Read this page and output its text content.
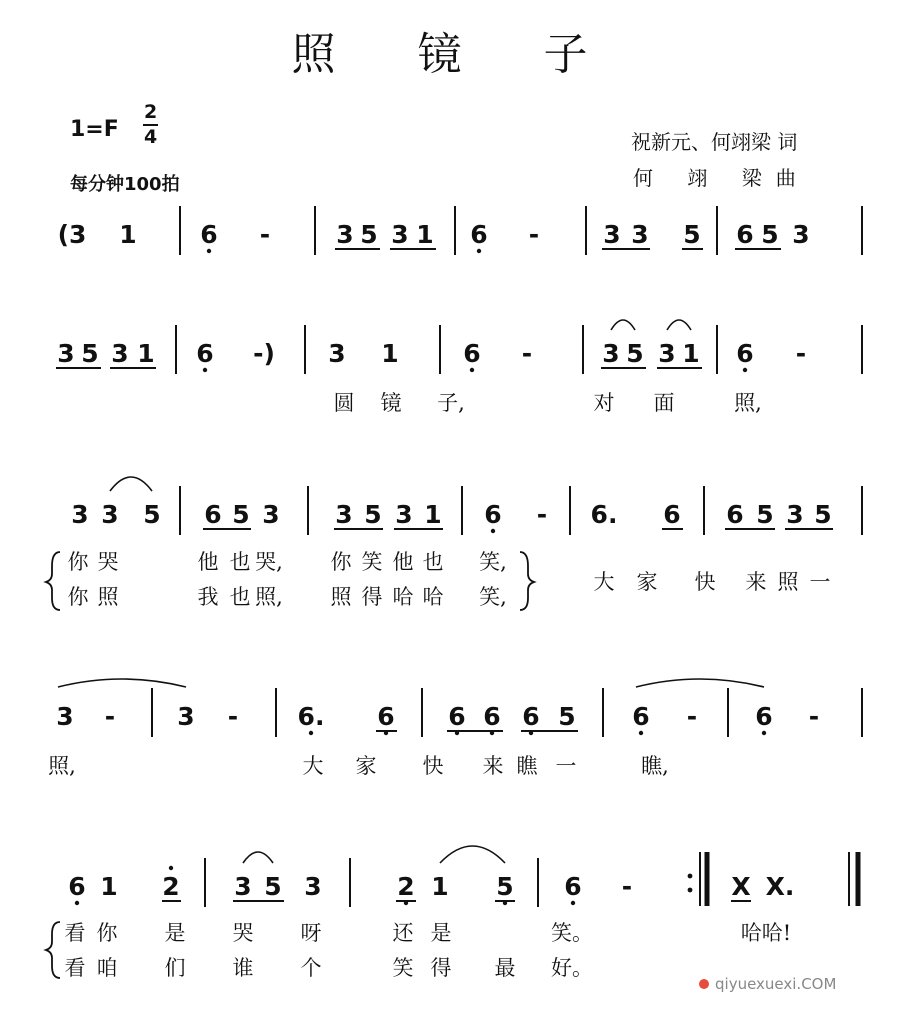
照 镜 子
1=F
2
4
每分钟100拍
祝新元、何翊梁 词
何 翊 梁曲
(3 1	6 -	3 5 3 1 6 -	3 3 5 6 5 3
3 5 3 1 6 -) 3 1	6 -	3 5 3 1 6 -
圆 镜 子,	对 面	照,
3 3 5 6 5 3 3 5 3 1 6 - 6. 6 6 5 3 5
你 哭	他 也 哭, 你 笑 他 也 笑,
你 照	我 也 照, 照 得 哈 哈 笑,
大 家 快 来 照 一
3 - 3 - 6. 6 6 6 6 5 6 - 6 -
照,	大 家 快 来 瞧 一	瞧,
6 1 2 3 5 3	2 1 5 6 -	X X.
看 你 是 哭 呀	还 是	笑。
看 咱 们 谁 个	笑 得 最 好。
哈哈!
qiyuexuexi.COM
